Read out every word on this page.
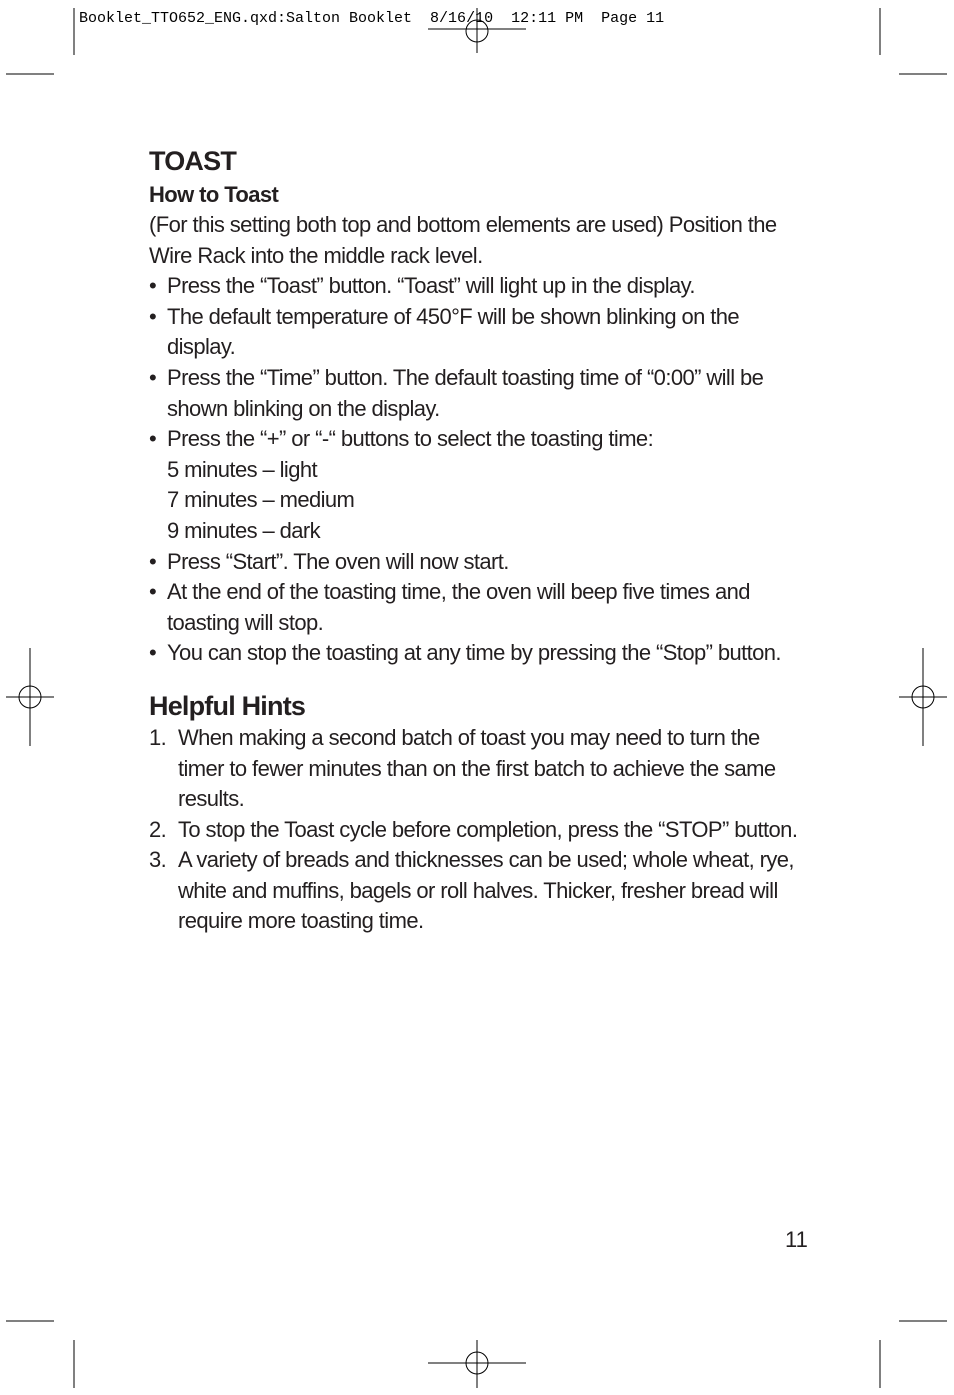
Booklet_TTO652_ENG.qxd:Salton Booklet  8/16/10  12:11 PM  Page 11
TOAST
How to Toast

(For this setting both top and bottom elements are used) Position the Wire Rack into the middle rack level.

• Press the “Toast” button. “Toast” will light up in the display.
• The default temperature of 450°F will be shown blinking on the display.
• Press the “Time” button. The default toasting time of “0:00” will be shown blinking on the display.
• Press the “+” or “-“ buttons to select the toasting time:
5 minutes – light
7 minutes – medium
9 minutes – dark
• Press “Start”. The oven will now start.
• At the end of the toasting time, the oven will beep five times and toasting will stop.
• You can stop the toasting at any time by pressing the “Stop” button.
Helpful Hints
1. When making a second batch of toast you may need to turn the timer to fewer minutes than on the first batch to achieve the same results.
2. To stop the Toast cycle before completion, press the “STOP” button.
3. A variety of breads and thicknesses can be used; whole wheat, rye, white and muffins, bagels or roll halves. Thicker, fresher bread will require more toasting time.
11
